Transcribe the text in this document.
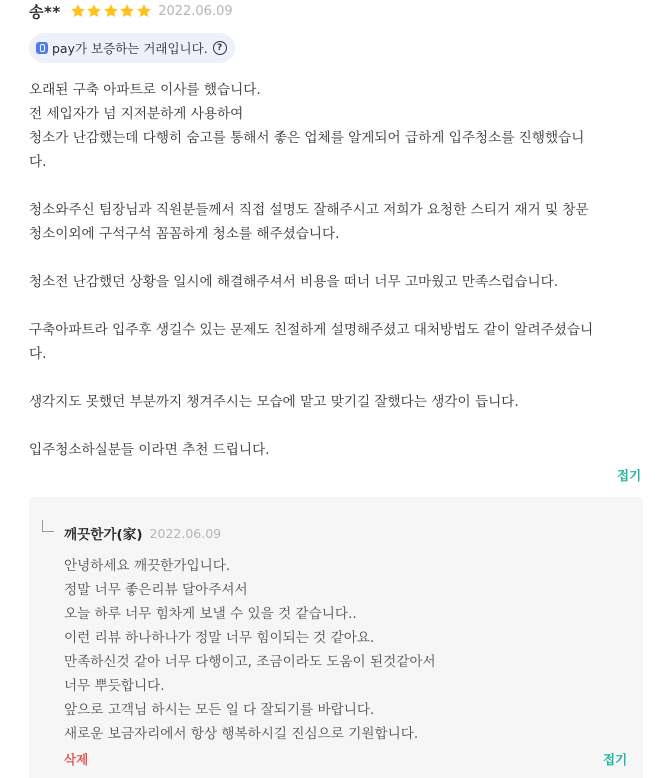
송**	2022.06.09
pay가 보증하는 거래입니다.	?
오래된 구축 아파트로 이사를 했습니다.
전 세입자가 넘 지저분하게 사용하여
청소가 난감했는데 다행히 숨고를 통해서 좋은 업체를 알게되어 급하게 입주청소를 진행했습니
다.
청소와주신 팀장님과 직원분들께서 직접 설명도 잘해주시고 저희가 요청한 스티거 재거 및 창문
청소이외에 구석구석 꼼꼼하게 청소를 해주셨습니다.
청소전 난감했던 상황을 일시에 해결해주셔서 비용을 떠너 너무 고마웠고 만족스럽습니다.
구축아파트라 입주후 생길수 있는 문제도 친절하게 설명해주셨고 대처방법도 같이 알려주셨습니
다.
생각지도 못했던 부분까지 챙겨주시는 모습에 맡고 맞기길 잘했다는 생각이 듭니다.
입주청소하실분들 이라면 추천 드립니다.
접기
깨끗한가(家) 2022.06.09
안녕하세요 깨끗한가입니다.
정말 너무 좋은리뷰 달아주셔서
오늘 하루 너무 힘차게 보낼 수 있을 것 같습니다..
이런 리뷰 하나하나가 정말 너무 힘이되는 것 같아요.
만족하신것 같아 너무 다행이고, 조금이라도 도움이 된것같아서
너무 뿌듯합니다.
앞으로 고객님 하시는 모든 일 다 잘되기를 바랍니다.
새로운 보금자리에서 항상 행복하시길 진심으로 기원합니다.
삭제	접기
